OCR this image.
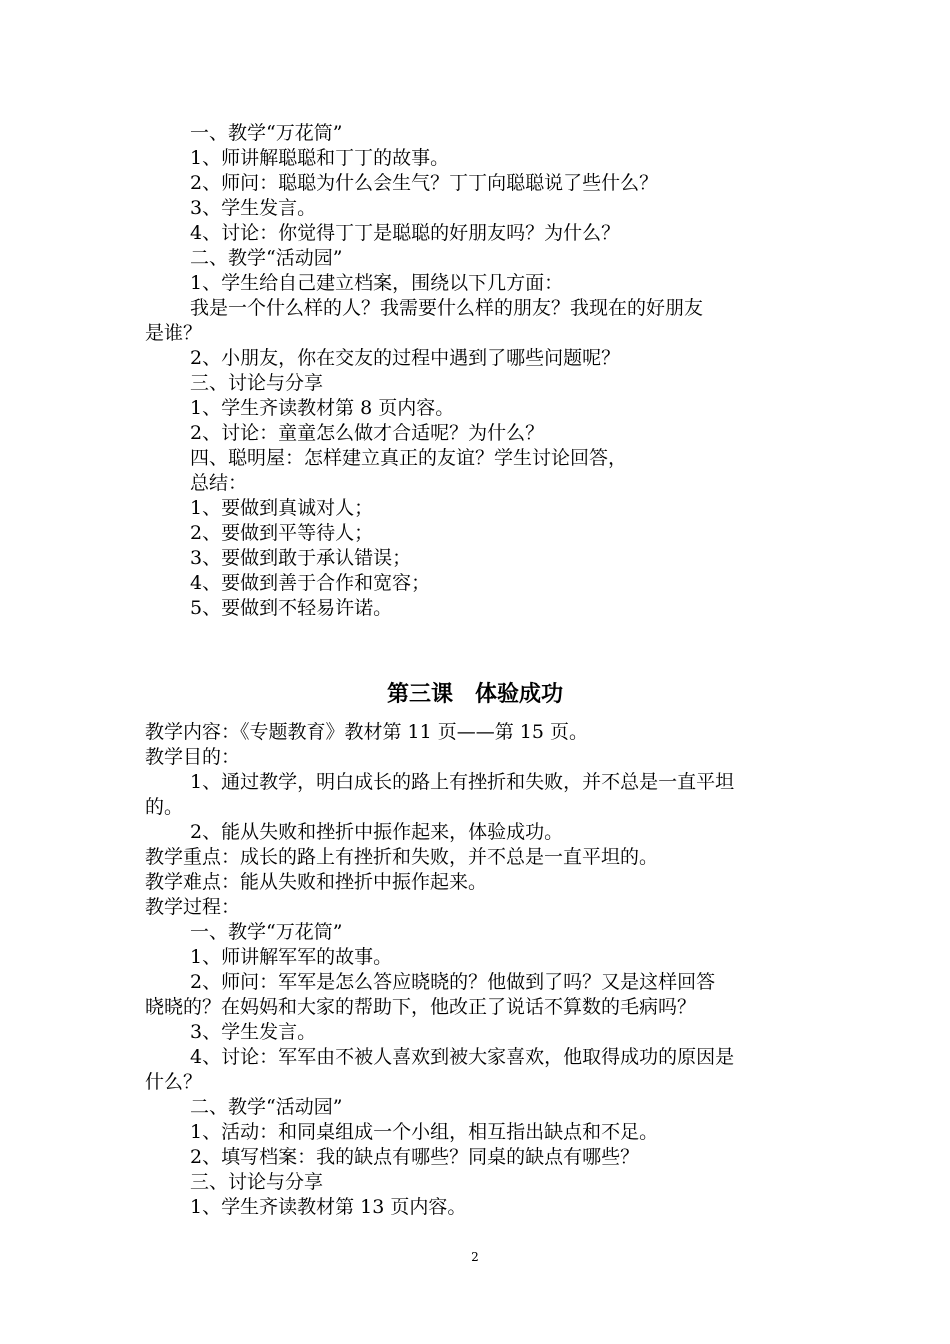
一、教学“万花筒”

1、师讲解聪聪和丁丁的故事。

2、师问：聪聪为什么会生气？丁丁向聪聪说了些什么？

3、学生发言。

4、讨论：你觉得丁丁是聪聪的好朋友吗？为什么？

二、教学“活动园”

1、学生给自己建立档案，围绕以下几方面：

我是一个什么样的人？我需要什么样的朋友？我现在的好朋友

是谁？

2、小朋友，你在交友的过程中遇到了哪些问题呢？

三、讨论与分享

1、学生齐读教材第 8 页内容。

2、讨论：童童怎么做才合适呢？为什么？

四、聪明屋：怎样建立真正的友谊？学生讨论回答，

总结：

1、要做到真诚对人；

2、要做到平等待人；

3、要做到敢于承认错误；

4、要做到善于合作和宽容；

5、要做到不轻易许诺。

第三课　体验成功

教学内容：《专题教育》教材第 11 页——第 15 页。

教学目的：

1、通过教学，明白成长的路上有挫折和失败，并不总是一直平坦

的。

2、能从失败和挫折中振作起来，体验成功。

教学重点：成长的路上有挫折和失败，并不总是一直平坦的。

教学难点：能从失败和挫折中振作起来。

教学过程：

一、教学“万花筒”

1、师讲解军军的故事。

2、师问：军军是怎么答应晓晓的？他做到了吗？又是这样回答

晓晓的？在妈妈和大家的帮助下，他改正了说话不算数的毛病吗？

3、学生发言。

4、讨论：军军由不被人喜欢到被大家喜欢，他取得成功的原因是

什么？

二、教学“活动园”

1、活动：和同桌组成一个小组，相互指出缺点和不足。

2、填写档案：我的缺点有哪些？同桌的缺点有哪些？

三、讨论与分享

1、学生齐读教材第 13 页内容。

2
